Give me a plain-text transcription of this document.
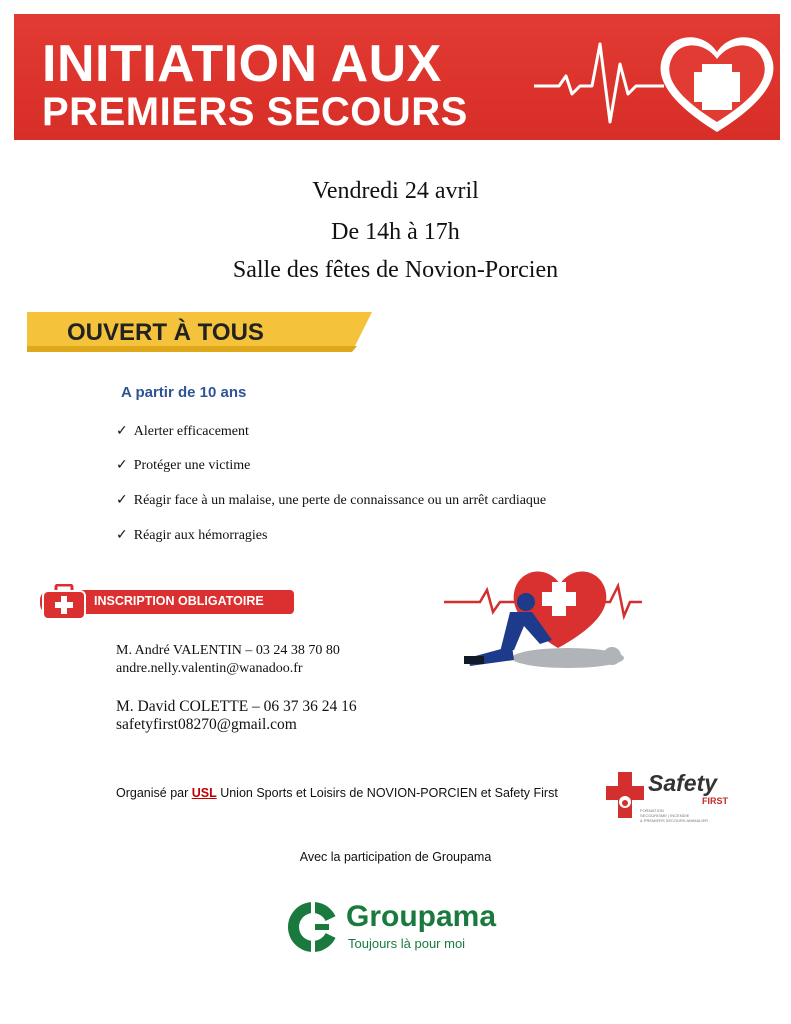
INITIATION AUX
PREMIERS SECOURS
Vendredi 24 avril
De 14h à 17h
Salle des fêtes de Novion-Porcien
OUVERT À TOUS
A partir de 10 ans
✓ Alerter efficacement
✓ Protéger une victime
✓ Réagir face à un malaise, une perte de connaissance ou un arrêt cardiaque
✓ Réagir aux hémorragies
INSCRIPTION OBLIGATOIRE
M. André VALENTIN – 03 24 38 70 80
andre.nelly.valentin@wanadoo.fr
M. David COLETTE – 06 37 36 24 16
safetyfirst08270@gmail.com
Organisé par USL Union Sports et Loisirs de NOVION-PORCIEN et Safety First	Safety
FIRST
FORMATION
SECOURISME | INCENDIE
& PREMIERS SECOURS ANIMALIER
Avec la participation de Groupama
Groupama
Toujours là pour moi
